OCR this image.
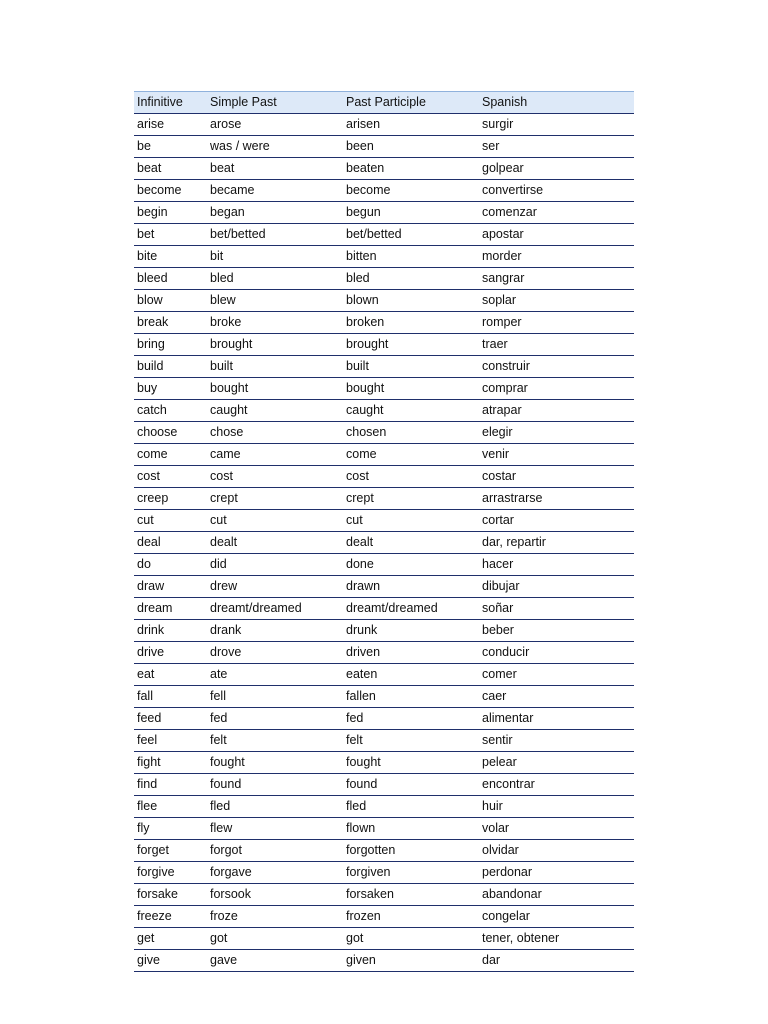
Infinitive	Simple Past	Past Participle	Spanish
arise	arose	arisen	surgir
be	was / were	been	ser
beat	beat	beaten	golpear
become	became	become	convertirse
begin	began	begun	comenzar
bet	bet/betted	bet/betted	apostar
bite	bit	bitten	morder
bleed	bled	bled	sangrar
blow	blew	blown	soplar
break	broke	broken	romper
bring	brought	brought	traer
build	built	built	construir
buy	bought	bought	comprar
catch	caught	caught	atrapar
choose	chose	chosen	elegir
come	came	come	venir
cost	cost	cost	costar
creep	crept	crept	arrastrarse
cut	cut	cut	cortar
deal	dealt	dealt	dar, repartir
do	did	done	hacer
draw	drew	drawn	dibujar
dream	dreamt/dreamed	dreamt/dreamed	soñar
drink	drank	drunk	beber
drive	drove	driven	conducir
eat	ate	eaten	comer
fall	fell	fallen	caer
feed	fed	fed	alimentar
feel	felt	felt	sentir
fight	fought	fought	pelear
find	found	found	encontrar
flee	fled	fled	huir
fly	flew	flown	volar
forget	forgot	forgotten	olvidar
forgive	forgave	forgiven	perdonar
forsake	forsook	forsaken	abandonar
freeze	froze	frozen	congelar
get	got	got	tener, obtener
give	gave	given	dar
